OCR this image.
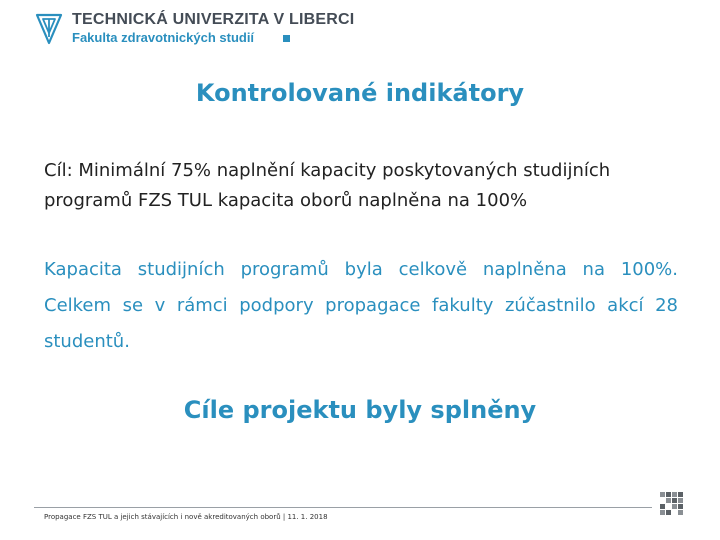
TECHNICKÁ UNIVERZITA V LIBERCI
Fakulta zdravotnických studií
Kontrolované indikátory
Cíl: Minimální 75% naplnění kapacity poskytovaných studijních programů FZS TUL kapacita oborů naplněna na 100%
Kapacita studijních programů byla celkově naplněna na 100%. Celkem se v rámci podpory propagace fakulty zúčastnilo akcí 28 studentů.
Cíle projektu byly splněny
Propagace FZS TUL a jejich stávajících i nově akreditovaných oborů | 11. 1. 2018
